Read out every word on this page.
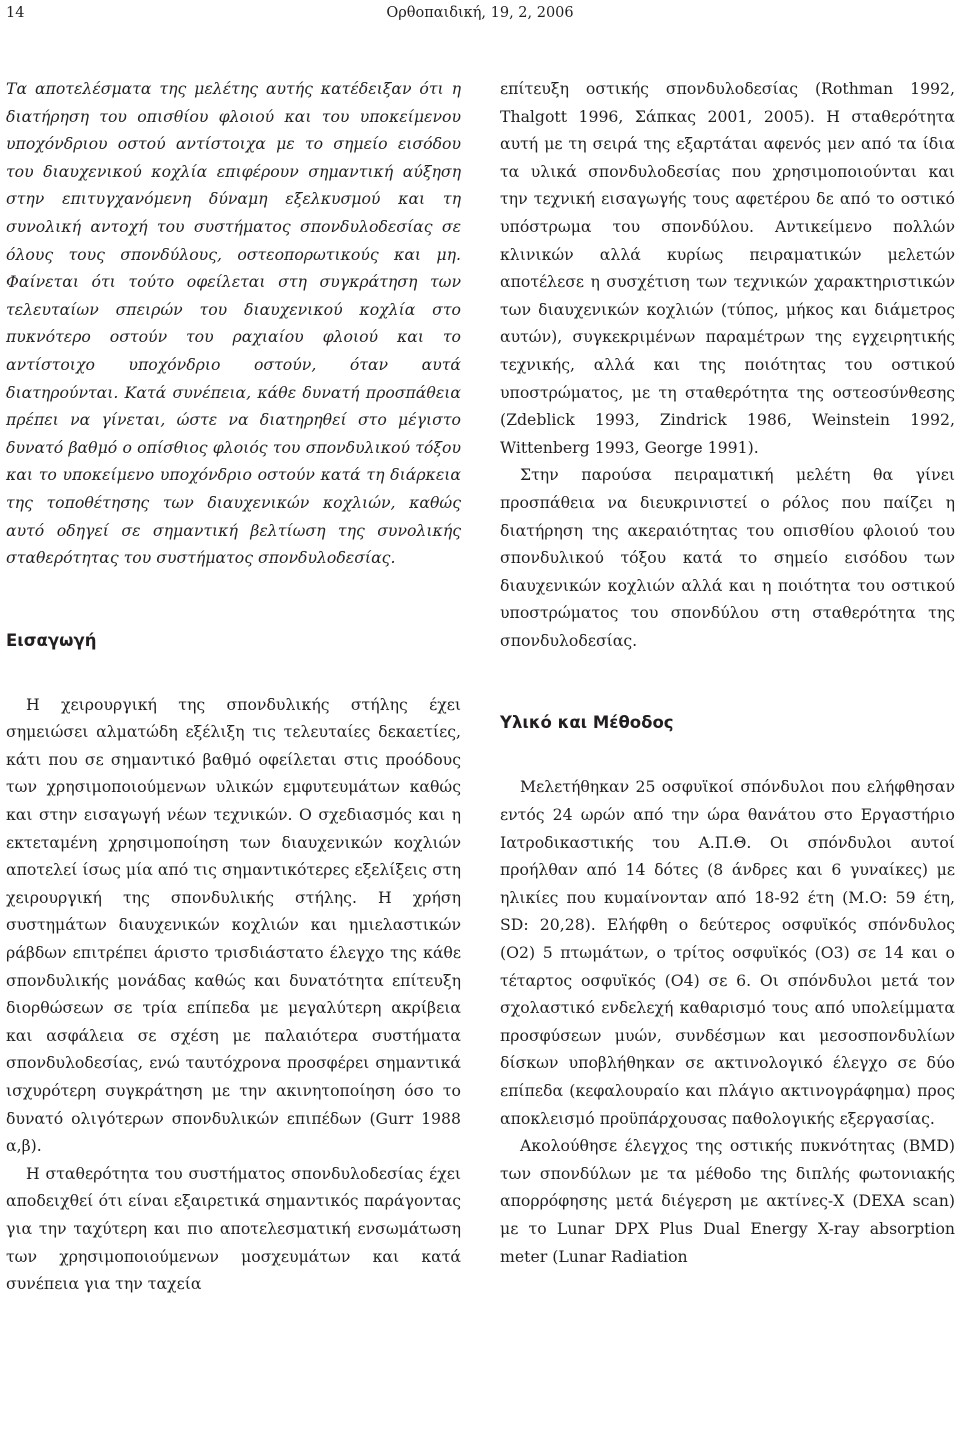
14	Ορθοπαιδική, 19, 2, 2006

Τα αποτελέσματα της μελέτης αυτής κατέδειξαν ότι η διατήρηση του οπισθίου φλοιού και του υποκείμενου υποχόνδριου οστού αντίστοιχα με το σημείο εισόδου του διαυχενικού κοχλία επιφέρουν σημαντική αύξηση στην επιτυγχανόμενη δύναμη εξελκυσμού και τη συνολική αντοχή του συστήματος σπονδυλοδεσίας σε όλους τους σπονδύλους, οστεοπορωτικούς και μη. Φαίνεται ότι τούτο οφείλεται στη συγκράτηση των τελευταίων σπειρών του διαυχενικού κοχλία στο πυκνότερο οστούν του ραχιαίου φλοιού και το αντίστοιχο υποχόνδριο οστούν, όταν αυτά διατηρούνται. Κατά συνέπεια, κάθε δυνατή προσπάθεια πρέπει να γίνεται, ώστε να διατηρηθεί στο μέγιστο δυνατό βαθμό ο οπίσθιος φλοιός του σπονδυλικού τόξου και το υποκείμενο υποχόνδριο οστούν κατά τη διάρκεια της τοποθέτησης των διαυχενικών κοχλιών, καθώς αυτό οδηγεί σε σημαντική βελτίωση της συνολικής σταθερότητας του συστήματος σπονδυλοδεσίας.

Εισαγωγή

Η χειρουργική της σπονδυλικής στήλης έχει σημειώσει αλματώδη εξέλιξη τις τελευταίες δεκαετίες, κάτι που σε σημαντικό βαθμό οφείλεται στις προόδους των χρησιμοποιούμενων υλικών εμφυτευμάτων καθώς και στην εισαγωγή νέων τεχνικών. Ο σχεδιασμός και η εκτεταμένη χρησιμοποίηση των διαυχενικών κοχλιών αποτελεί ίσως μία από τις σημαντικότερες εξελίξεις στη χειρουργική της σπονδυλικής στήλης. Η χρήση συστημάτων διαυχενικών κοχλιών και ημιελαστικών ράβδων επιτρέπει άριστο τρισδιάστατο έλεγχο της κάθε σπονδυλικής μονάδας καθώς και δυνατότητα επίτευξη διορθώσεων σε τρία επίπεδα με μεγαλύτερη ακρίβεια και ασφάλεια σε σχέση με παλαιότερα συστήματα σπονδυλοδεσίας, ενώ ταυτόχρονα προσφέρει σημαντικά ισχυρότερη συγκράτηση με την ακινητοποίηση όσο το δυνατό ολιγότερων σπονδυλικών επιπέδων (Gurr 1988 α,β).

Η σταθερότητα του συστήματος σπονδυλοδεσίας έχει αποδειχθεί ότι είναι εξαιρετικά σημαντικός παράγοντας για την ταχύτερη και πιο αποτελεσματική ενσωμάτωση των χρησιμοποιούμενων μοσχευμάτων και κατά συνέπεια για την ταχεία

επίτευξη οστικής σπονδυλοδεσίας (Rothman 1992, Thalgott 1996, Σάπκας 2001, 2005). Η σταθερότητα αυτή με τη σειρά της εξαρτάται αφενός μεν από τα ίδια τα υλικά σπονδυλοδεσίας που χρησιμοποιούνται και την τεχνική εισαγωγής τους αφετέρου δε από το οστικό υπόστρωμα του σπονδύλου. Αντικείμενο πολλών κλινικών αλλά κυρίως πειραματικών μελετών αποτέλεσε η συσχέτιση των τεχνικών χαρακτηριστικών των διαυχενικών κοχλιών (τύπος, μήκος και διάμετρος αυτών), συγκεκριμένων παραμέτρων της εγχειρητικής τεχνικής, αλλά και της ποιότητας του οστικού υποστρώματος, με τη σταθερότητα της οστεοσύνθεσης (Zdeblick 1993, Zindrick 1986, Weinstein 1992, Wittenberg 1993, George 1991).

Στην παρούσα πειραματική μελέτη θα γίνει προσπάθεια να διευκρινιστεί ο ρόλος που παίζει η διατήρηση της ακεραιότητας του οπισθίου φλοιού του σπονδυλικού τόξου κατά το σημείο εισόδου των διαυχενικών κοχλιών αλλά και η ποιότητα του οστικού υποστρώματος του σπονδύλου στη σταθερότητα της σπονδυλοδεσίας.

Υλικό και Μέθοδος

Μελετήθηκαν 25 οσφυϊκοί σπόνδυλοι που ελήφθησαν εντός 24 ωρών από την ώρα θανάτου στο Εργαστήριο Ιατροδικαστικής του Α.Π.Θ. Οι σπόνδυλοι αυτοί προήλθαν από 14 δότες (8 άνδρες και 6 γυναίκες) με ηλικίες που κυμαίνονταν από 18-92 έτη (Μ.Ο: 59 έτη, SD: 20,28). Ελήφθη ο δεύτερος οσφυϊκός σπόνδυλος (Ο2) 5 πτωμάτων, ο τρίτος οσφυϊκός (Ο3) σε 14 και ο τέταρτος οσφυϊκός (Ο4) σε 6. Οι σπόνδυλοι μετά τον σχολαστικό ενδελεχή καθαρισμό τους από υπολείμματα προσφύσεων μυών, συνδέσμων και μεσοσπονδυλίων δίσκων υποβλήθηκαν σε ακτινολογικό έλεγχο σε δύο επίπεδα (κεφαλουραίο και πλάγιο ακτινογράφημα) προς αποκλεισμό προϋπάρχουσας παθολογικής εξεργασίας.

Ακολούθησε έλεγχος της οστικής πυκνότητας (BMD) των σπονδύλων με τα μέθοδο της διπλής φωτονιακής απορρόφησης μετά διέγερση με ακτίνες-Χ (DEXA scan) με το Lunar DPX Plus Dual Energy X-ray absorption meter (Lunar Radiation
